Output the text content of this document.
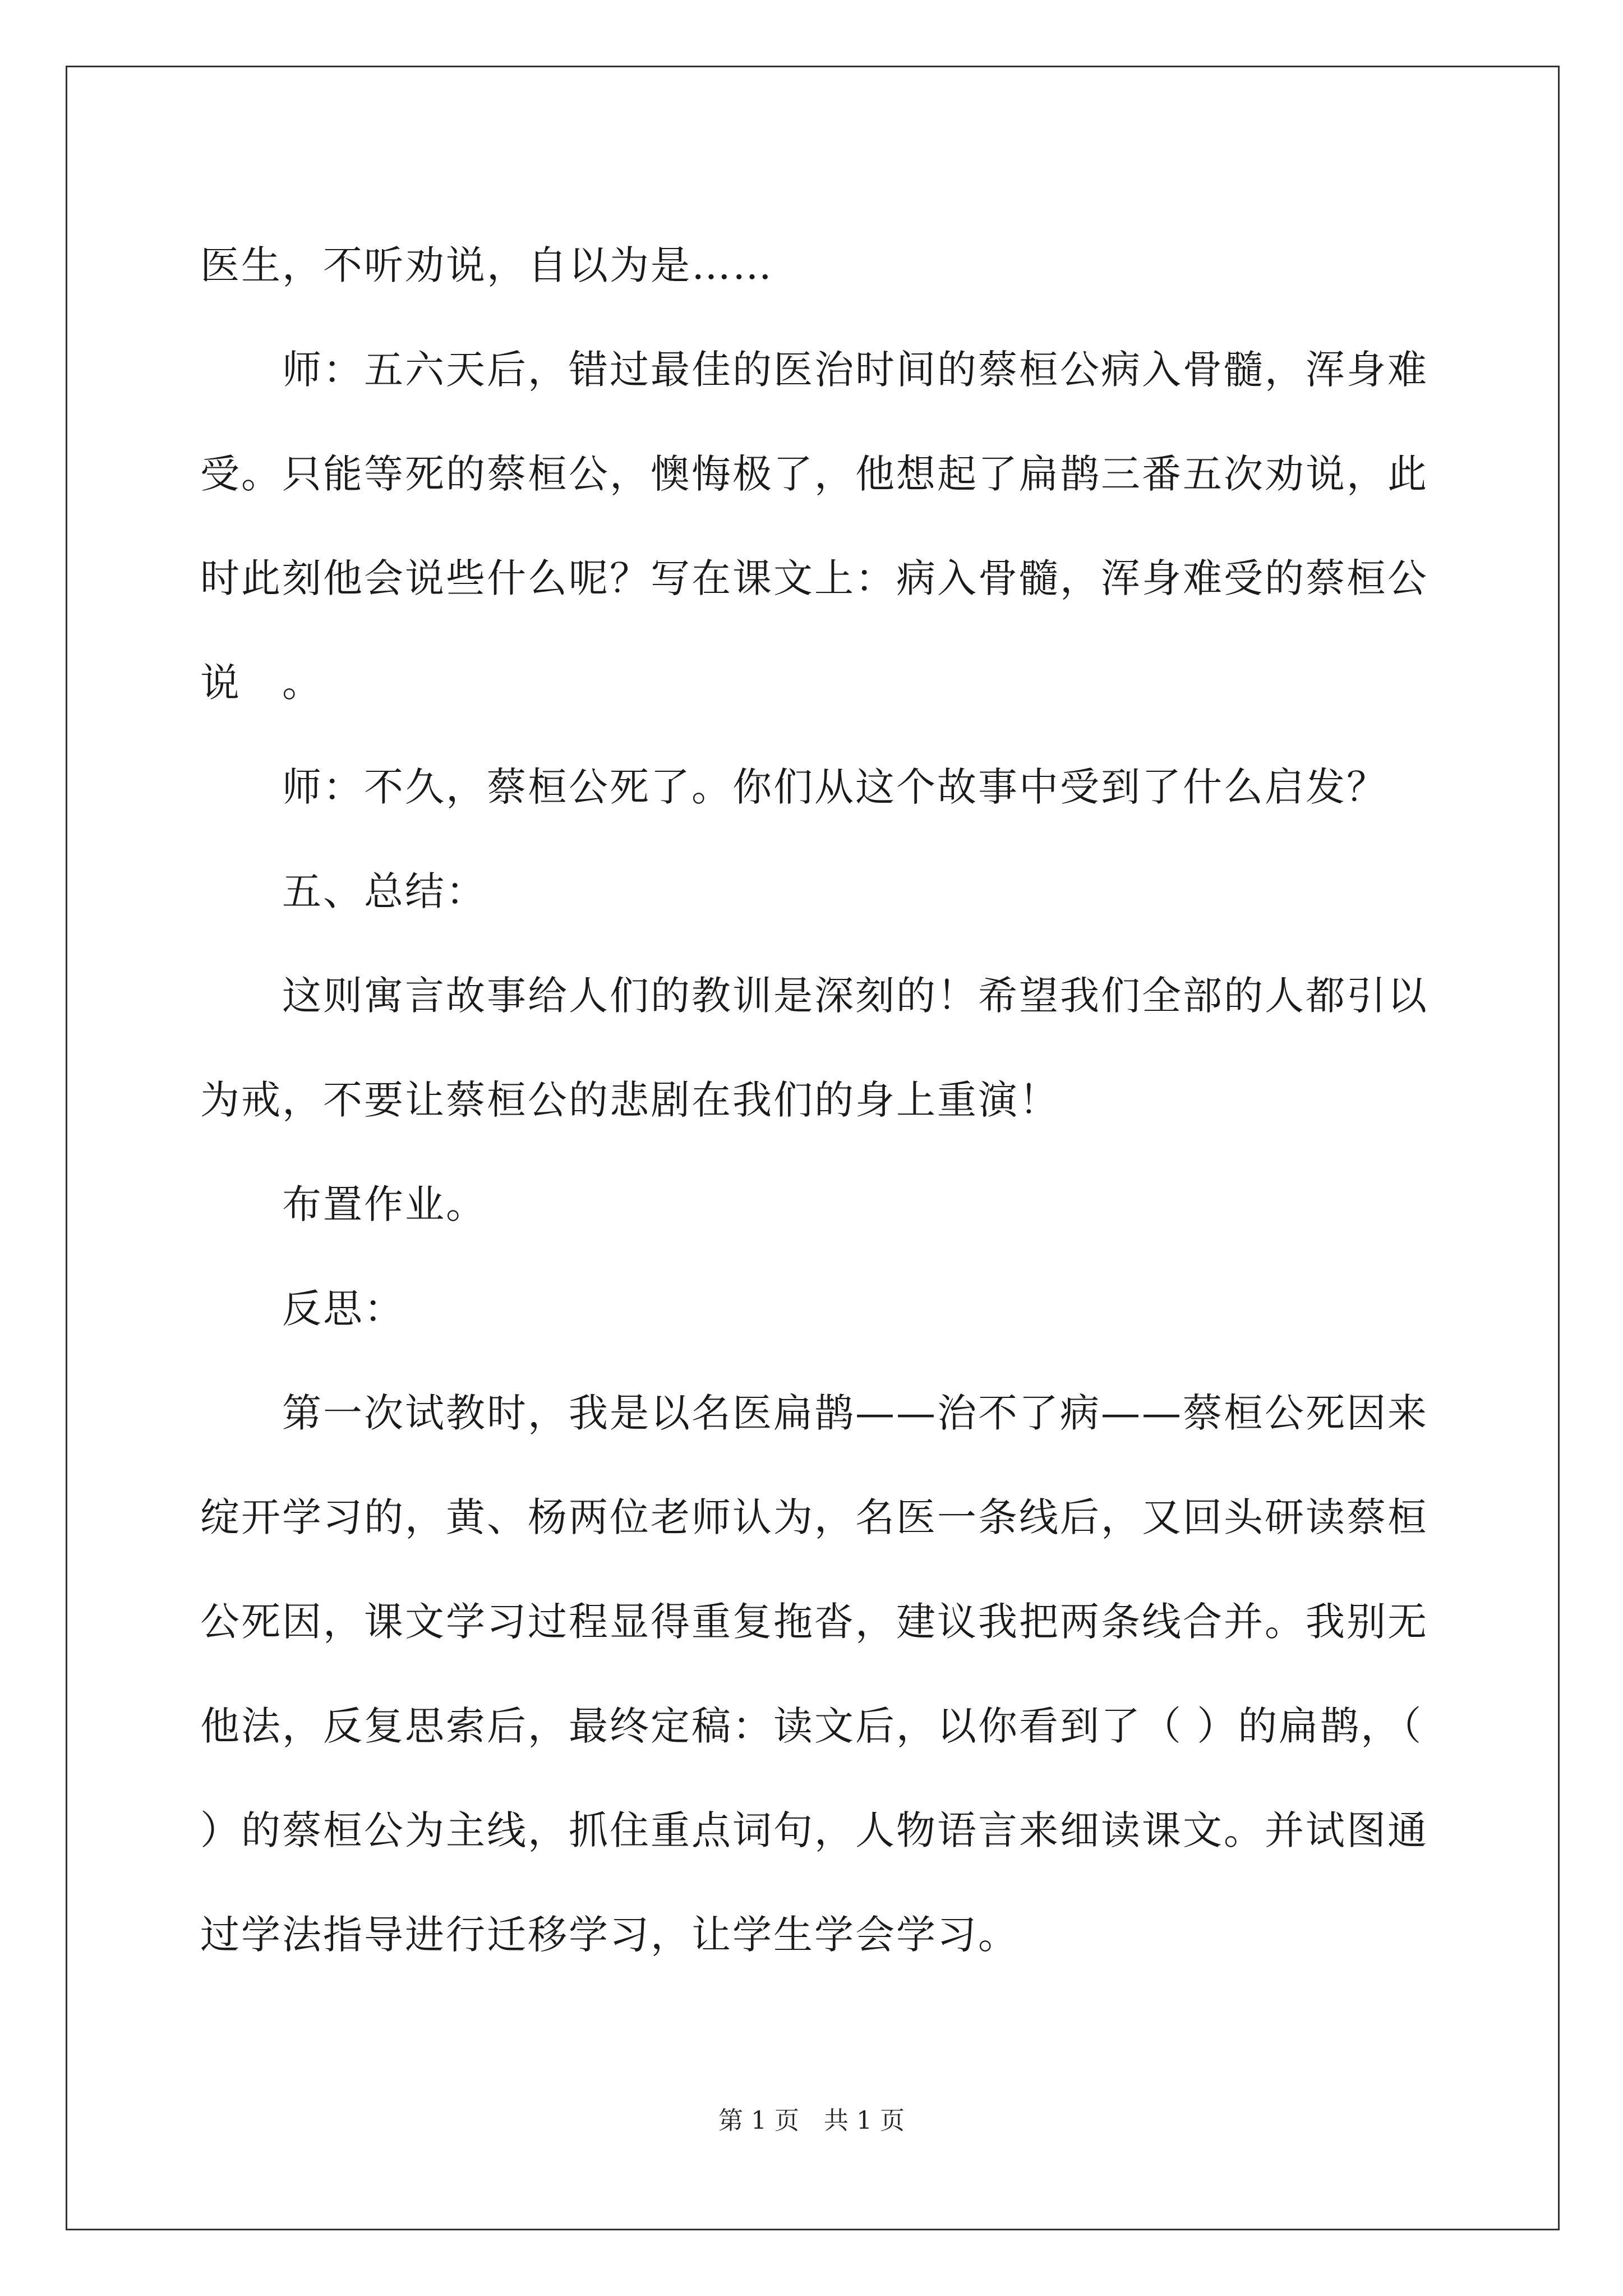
医生，不听劝说，自以为是……

师：五六天后，错过最佳的医治时间的蔡桓公病入骨髓，浑身难受。只能等死的蔡桓公，懊悔极了，他想起了扁鹊三番五次劝说，此时此刻他会说些什么呢？写在课文上：病入骨髓，浑身难受的蔡桓公说　。

师：不久，蔡桓公死了。你们从这个故事中受到了什么启发？

五、总结：

这则寓言故事给人们的教训是深刻的！希望我们全部的人都引以为戒，不要让蔡桓公的悲剧在我们的身上重演！

布置作业。

反思：

第一次试教时，我是以名医扁鹊——治不了病——蔡桓公死因来绽开学习的，黄、杨两位老师认为，名医一条线后，又回头研读蔡桓公死因，课文学习过程显得重复拖沓，建议我把两条线合并。我别无他法，反复思索后，最终定稿：读文后，以你看到了（ ）的扁鹊，（ ）的蔡桓公为主线，抓住重点词句，人物语言来细读课文。并试图通过学法指导进行迁移学习，让学生学会学习。

第 1 页　共 1 页
